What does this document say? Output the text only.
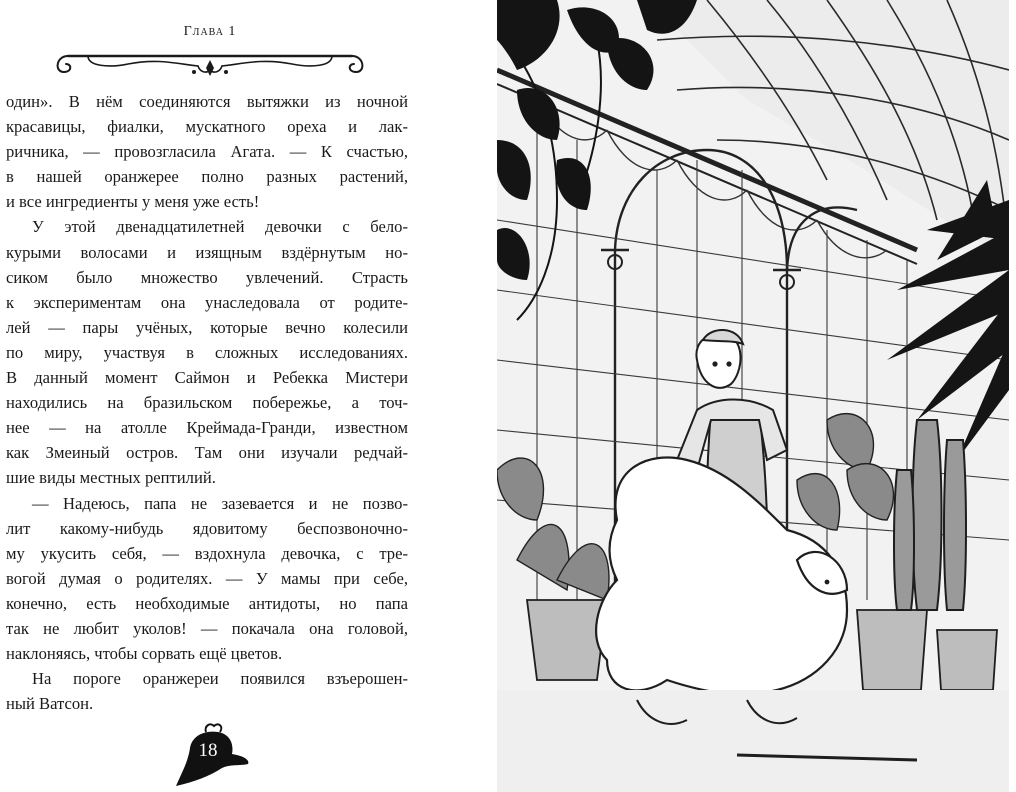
Глава 1
один». В нём соединяются вытяжки из ночной
красавицы, фиалки, мускатного ореха и лак-
ричника, — провозгласила Агата. — К счастью,
в нашей оранжерее полно разных растений,
и все ингредиенты у меня уже есть!
У этой двенадцатилетней девочки с бело-
курыми волосами и изящным вздёрнутым но-
сиком было множество увлечений. Страсть
к экспериментам она унаследовала от родите-
лей — пары учёных, которые вечно колесили
по миру, участвуя в сложных исследованиях.
В данный момент Саймон и Ребекка Мистери
находились на бразильском побережье, а точ-
нее — на атолле Креймада-Гранди, известном
как Змеиный остров. Там они изучали редчай-
шие виды местных рептилий.
— Надеюсь, папа не зазевается и не позво-
лит какому-нибудь ядовитому беспозвоночно-
му укусить себя, — вздохнула девочка, с тре-
вогой думая о родителях. — У мамы при себе,
конечно, есть необходимые антидоты, но папа
так не любит уколов! — покачала она головой,
наклоняясь, чтобы сорвать ещё цветов.
На пороге оранжереи появился взъерошен-
ный Ватсон.
18
